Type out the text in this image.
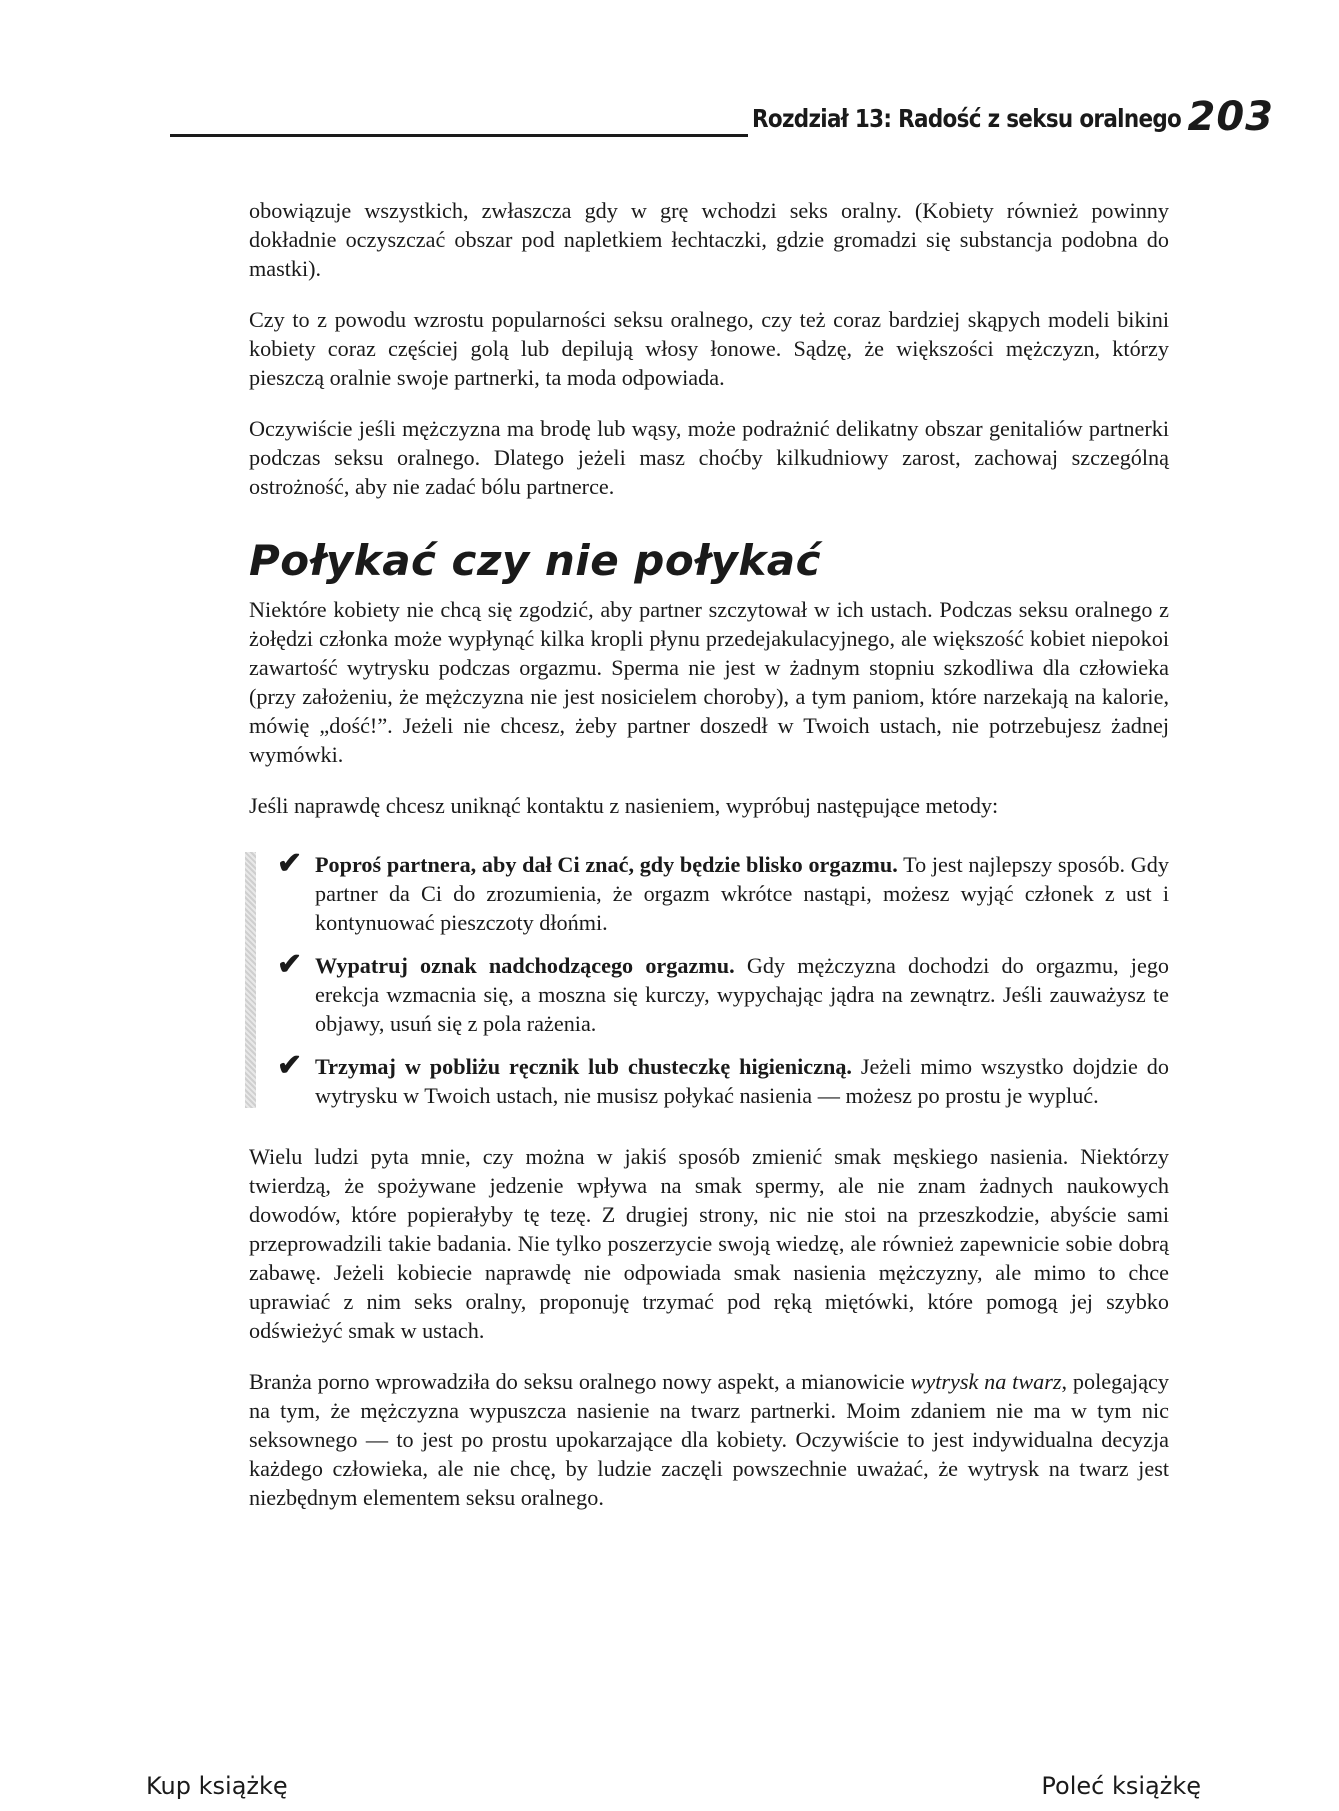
Rozdział 13: Radość z seksu oralnego 203

obowiązuje wszystkich, zwłaszcza gdy w grę wchodzi seks oralny. (Kobiety również powinny dokładnie oczyszczać obszar pod napletkiem łechtaczki, gdzie gromadzi się substancja podobna do mastki).

Czy to z powodu wzrostu popularności seksu oralnego, czy też coraz bardziej skąpych modeli bikini kobiety coraz częściej golą lub depilują włosy łonowe. Sądzę, że większości mężczyzn, którzy pieszczą oralnie swoje partnerki, ta moda odpowiada.

Oczywiście jeśli mężczyzna ma brodę lub wąsy, może podrażnić delikatny obszar genitaliów partnerki podczas seksu oralnego. Dlatego jeżeli masz choćby kilkudniowy zarost, zachowaj szczególną ostrożność, aby nie zadać bólu partnerce.

Połykać czy nie połykać

Niektóre kobiety nie chcą się zgodzić, aby partner szczytował w ich ustach. Podczas seksu oralnego z żołędzi członka może wypłynąć kilka kropli płynu przedejakulacyjnego, ale większość kobiet niepokoi zawartość wytrysku podczas orgazmu. Sperma nie jest w żadnym stopniu szkodliwa dla człowieka (przy założeniu, że mężczyzna nie jest nosicielem choroby), a tym paniom, które narzekają na kalorie, mówię „dość!”. Jeżeli nie chcesz, żeby partner doszedł w Twoich ustach, nie potrzebujesz żadnej wymówki.

Jeśli naprawdę chcesz uniknąć kontaktu z nasieniem, wypróbuj następujące metody:

✔ Poproś partnera, aby dał Ci znać, gdy będzie blisko orgazmu. To jest najlepszy sposób. Gdy partner da Ci do zrozumienia, że orgazm wkrótce nastąpi, możesz wyjąć członek z ust i kontynuować pieszczoty dłońmi.
✔ Wypatruj oznak nadchodzącego orgazmu. Gdy mężczyzna dochodzi do orgazmu, jego erekcja wzmacnia się, a moszna się kurczy, wypychając jądra na zewnątrz. Jeśli zauważysz te objawy, usuń się z pola rażenia.
✔ Trzymaj w pobliżu ręcznik lub chusteczkę higieniczną. Jeżeli mimo wszystko dojdzie do wytrysku w Twoich ustach, nie musisz połykać nasienia — możesz po prostu je wypluć.

Wielu ludzi pyta mnie, czy można w jakiś sposób zmienić smak męskiego nasienia. Niektórzy twierdzą, że spożywane jedzenie wpływa na smak spermy, ale nie znam żadnych naukowych dowodów, które popierałyby tę tezę. Z drugiej strony, nic nie stoi na przeszkodzie, abyście sami przeprowadzili takie badania. Nie tylko poszerzycie swoją wiedzę, ale również zapewnicie sobie dobrą zabawę. Jeżeli kobiecie naprawdę nie odpowiada smak nasienia mężczyzny, ale mimo to chce uprawiać z nim seks oralny, proponuję trzymać pod ręką miętówki, które pomogą jej szybko odświeżyć smak w ustach.

Branża porno wprowadziła do seksu oralnego nowy aspekt, a mianowicie wytrysk na twarz, polegający na tym, że mężczyzna wypuszcza nasienie na twarz partnerki. Moim zdaniem nie ma w tym nic seksownego — to jest po prostu upokarzające dla kobiety. Oczywiście to jest indywidualna decyzja każdego człowieka, ale nie chcę, by ludzie zaczęli powszechnie uważać, że wytrysk na twarz jest niezbędnym elementem seksu oralnego.

Kup książkę	Poleć książkę
